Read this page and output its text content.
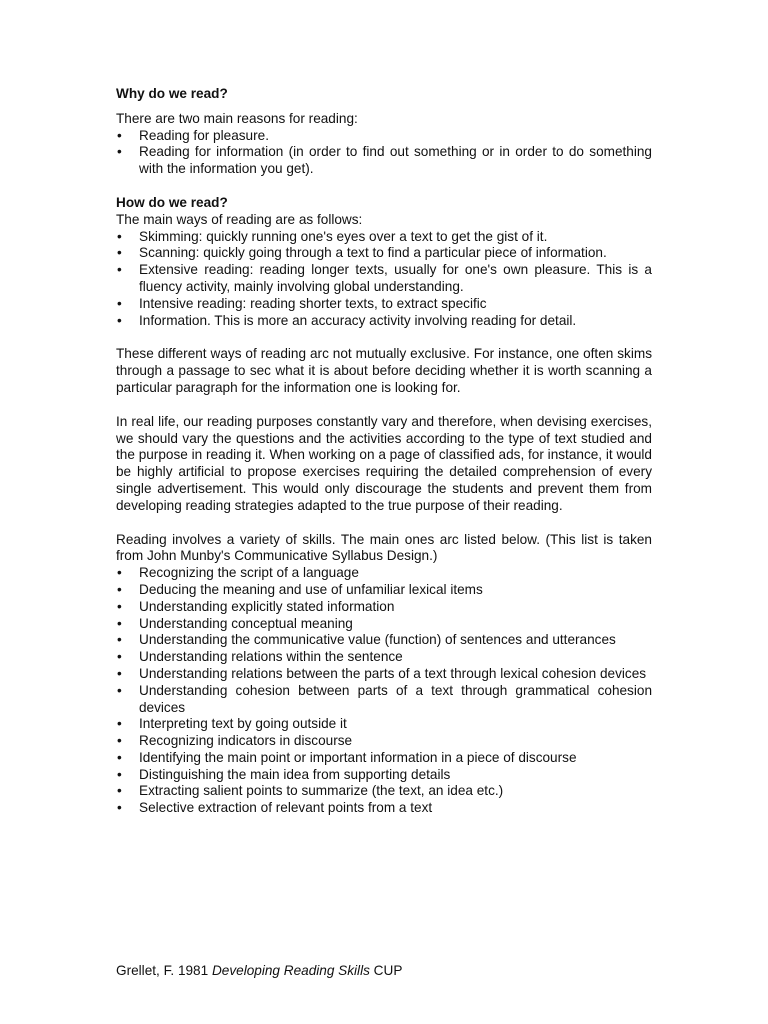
Why do we read?

There are two main reasons for reading:

• Reading for pleasure.
• Reading for information (in order to find out something or in order to do something with the information you get).
How do we read?

The main ways of reading are as follows:

• Skimming: quickly running one's eyes over a text to get the gist of it.
• Scanning: quickly going through a text to find a particular piece of information.
• Extensive reading: reading longer texts, usually for one's own pleasure. This is a fluency activity, mainly involving global understanding.
• Intensive reading: reading shorter texts, to extract specific
• Information. This is more an accuracy activity involving reading for detail.

These different ways of reading arc not mutually exclusive. For instance, one often skims through a passage to sec what it is about before deciding whether it is worth scanning a particular paragraph for the information one is looking for.

In real life, our reading purposes constantly vary and therefore, when devising exercises, we should vary the questions and the activities according to the type of text studied and the purpose in reading it. When working on a page of classified ads, for instance, it would be highly artificial to propose exercises requiring the detailed comprehension of every single advertisement. This would only discourage the students and prevent them from developing reading strategies adapted to the true purpose of their reading.

Reading involves a variety of skills. The main ones arc listed below. (This list is taken from John Munby's Communicative Syllabus Design.)

• Recognizing the script of a language
• Deducing the meaning and use of unfamiliar lexical items
• Understanding explicitly stated information
• Understanding conceptual meaning
• Understanding the communicative value (function) of sentences and utterances
• Understanding relations within the sentence
• Understanding relations between the parts of a text through lexical cohesion devices
• Understanding cohesion between parts of a text through grammatical cohesion devices
• Interpreting text by going outside it
• Recognizing indicators in discourse
• Identifying the main point or important information in a piece of discourse
• Distinguishing the main idea from supporting details
• Extracting salient points to summarize (the text, an idea etc.)
• Selective extraction of relevant points from a text
Grellet, F. 1981 Developing Reading Skills CUP
